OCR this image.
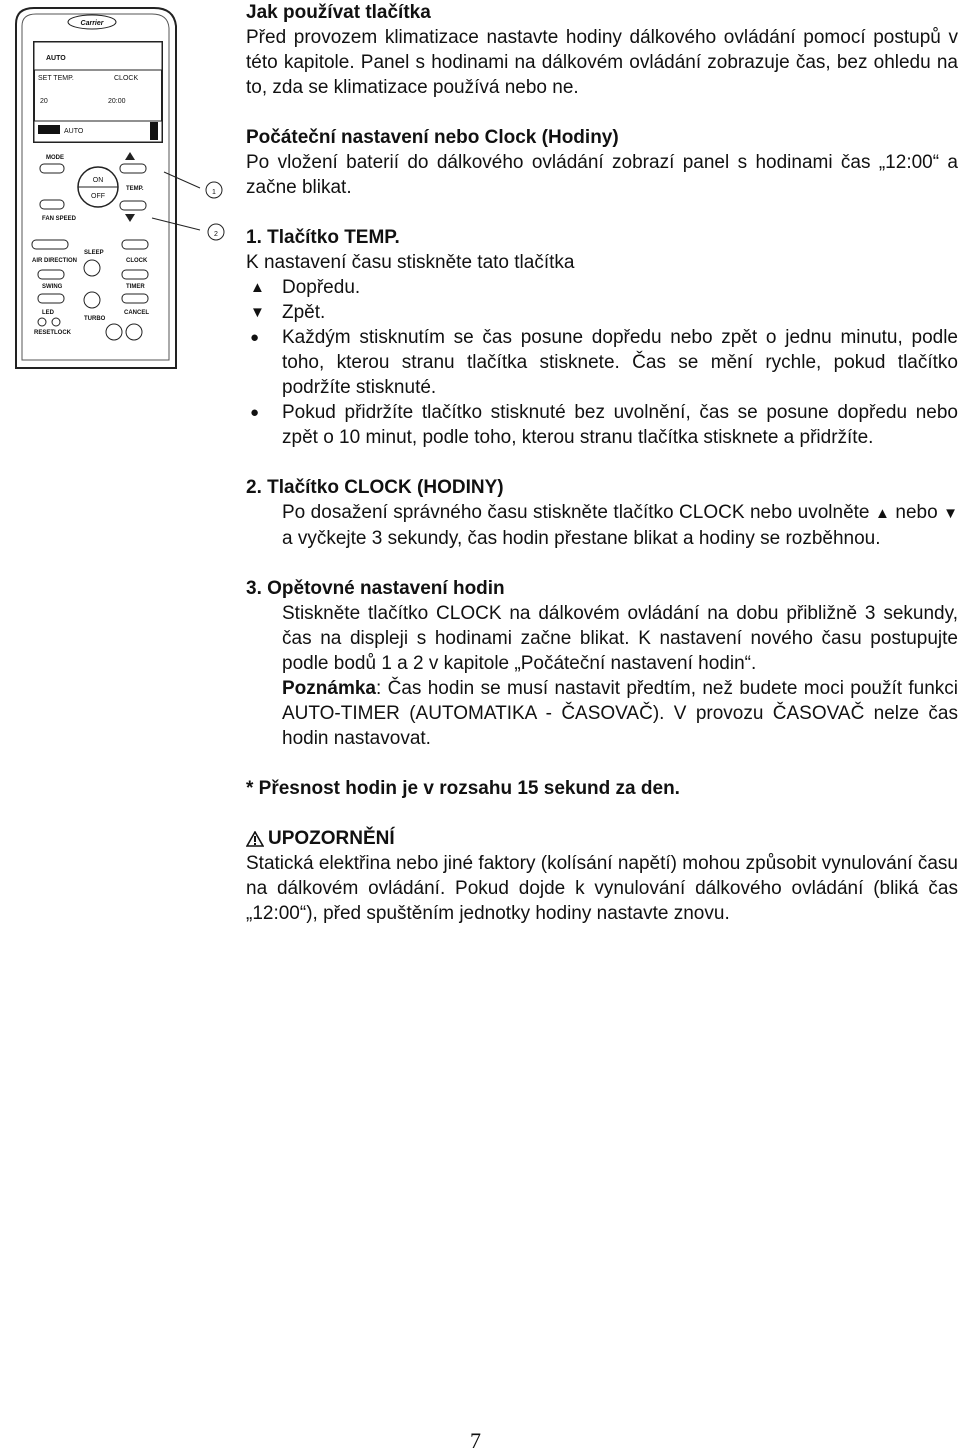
Carrier
AUTO
SET TEMP.
20
CLOCK
20:00
AUTO
MODE
ON
OFF
TEMP.
FAN SPEED
1
2
AIR DIRECTION
SLEEP
CLOCK
SWING	TIMER
LED
TURBO
CANCEL
RESET LOCK

Jak používat tlačítka

Před provozem klimatizace nastavte hodiny dálkového ovládání pomocí postupů v této kapitole. Panel s hodinami na dálkovém ovládání zobrazuje čas, bez ohledu na to, zda se klimatizace používá nebo ne.

Počáteční nastavení nebo Clock (Hodiny)

Po vložení baterií do dálkového ovládání zobrazí panel s hodinami čas „12:00“ a začne blikat.

1. Tlačítko TEMP.

K nastavení času stiskněte tato tlačítka

▲ Dopředu.
▼ Zpět.
● Každým stisknutím se čas posune dopředu nebo zpět o jednu minutu, podle toho, kterou stranu tlačítka stisknete. Čas se mění rychle, pokud tlačítko podržíte stisknuté.
● Pokud přidržíte tlačítko stisknuté bez uvolnění, čas se posune dopředu nebo zpět o 10 minut, podle toho, kterou stranu tlačítka stisknete a přidržíte.

2. Tlačítko CLOCK (HODINY)

Po dosažení správného času stiskněte tlačítko CLOCK nebo uvolněte ▲ nebo ▼ a vyčkejte 3 sekundy, čas hodin přestane blikat a hodiny se rozběhnou.

3. Opětovné nastavení hodin

Stiskněte tlačítko CLOCK na dálkovém ovládání na dobu přibližně 3 sekundy, čas na displeji s hodinami začne blikat. K nastavení nového času postupujte podle bodů 1 a 2 v kapitole „Počáteční nastavení hodin“.

Poznámka: Čas hodin se musí nastavit předtím, než budete moci použít funkci AUTO-TIMER (AUTOMATIKA - ČASOVAČ). V provozu ČASOVAČ nelze čas hodin nastavovat.

* Přesnost hodin je v rozsahu 15 sekund za den.

UPOZORNĚNÍ

Statická elektřina nebo jiné faktory (kolísání napětí) mohou způsobit vynulování času na dálkovém ovládání. Pokud dojde k vynulování dálkového ovládání (bliká čas „12:00“), před spuštěním jednotky hodiny nastavte znovu.

7
